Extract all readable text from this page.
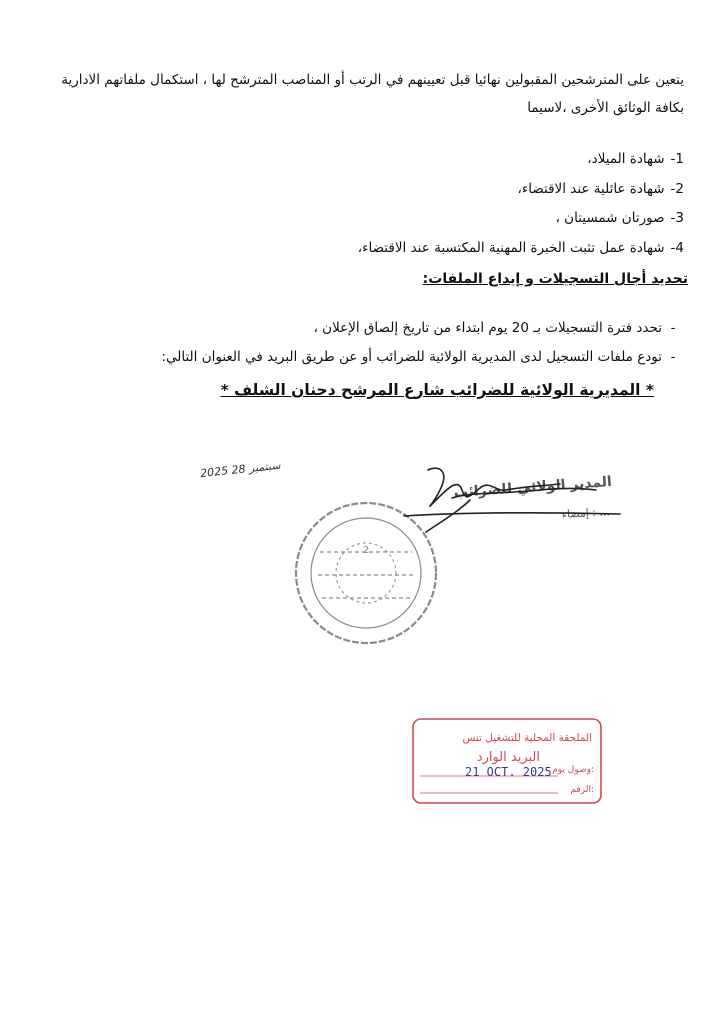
يتعين على المترشحين المقبولين نهائيا قبل تعيينهم في الرتب أو المناصب المترشح لها ، استكمال ملفاتهم الادارية بكافة الوثائق الأخرى ،لاسيما
1-
شهادة الميلاد،
2-
شهادة عائلية عند الاقتضاء،
3-
صورتان شمسيتان ،
4-
شهادة عمل تثبت الخبرة المهنية المكتسبة عند الاقتضاء،
تحديد أجال التسجيلات و إيداع الملفات:
-
تحدد فترة التسجيلات بـ 20 يوم ابتداء من تاريخ إلصاق الإعلان ،
-
تودع ملفات التسجيل لدى المديرية الولائية للضرائب أو عن طريق البريد في العنوان التالي:
* المديرية الولائية للضرائب شارع المرشح دحنان الشلف *
2025 سبتمبر 28
2
المدير الولائي للضرائب
إمضاء : ...
الملحقة المحلية للتشغيل تنس
البريد الوارد
وصول يوم:
21 OCT. 2025
الرقم:
